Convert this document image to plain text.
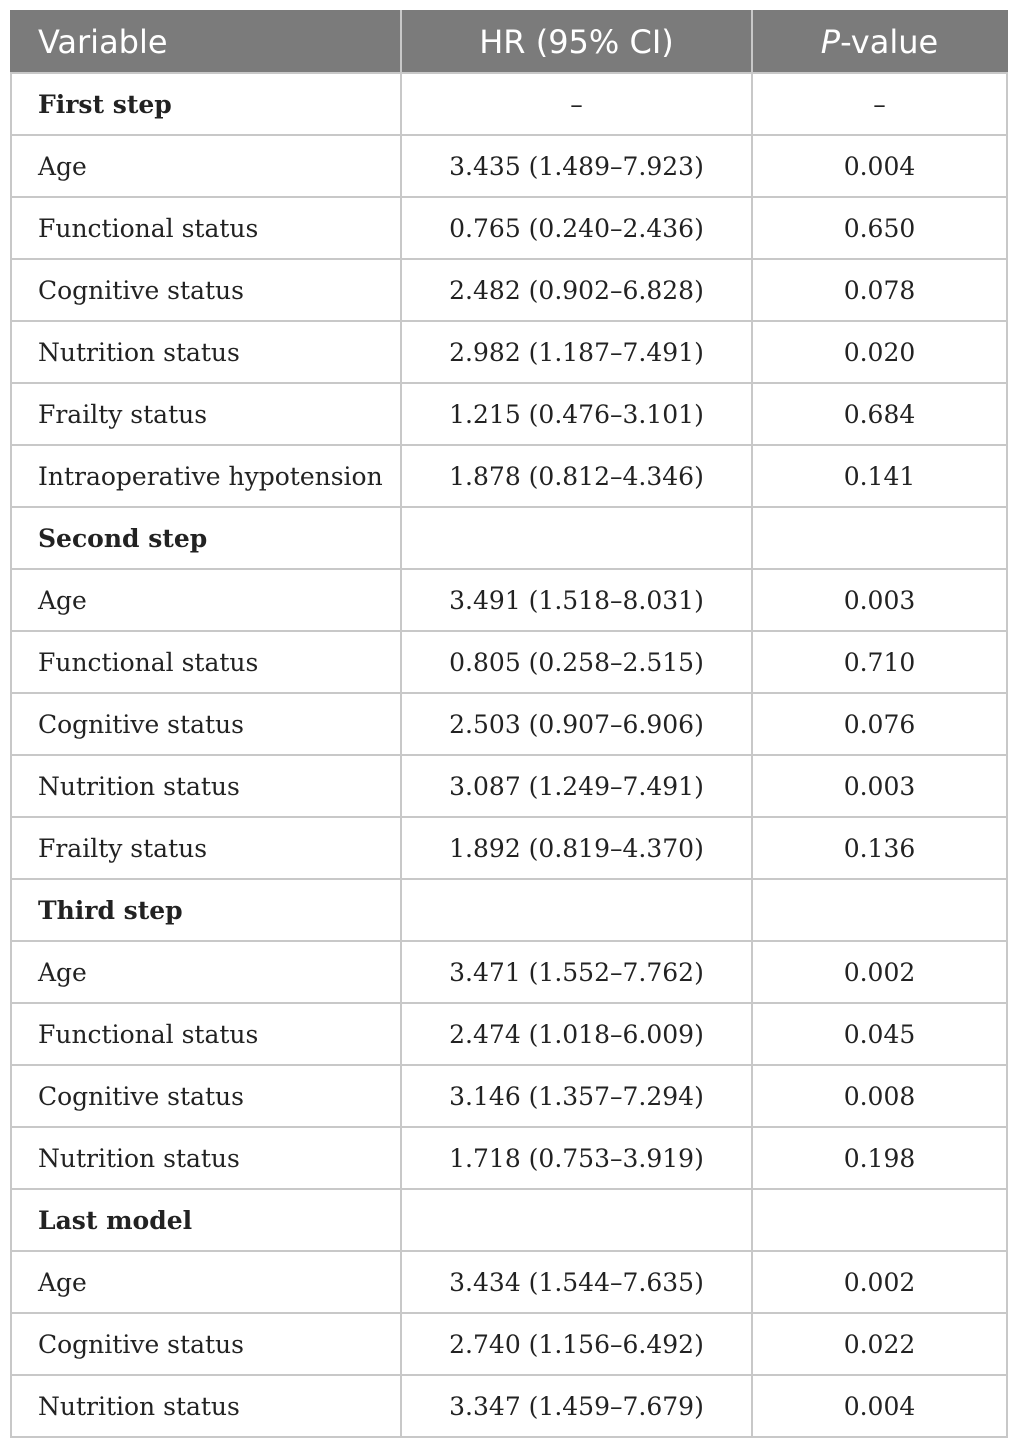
Variable	HR (95% CI)	P-value
First step	–	–
Age	3.435 (1.489–7.923)	0.004
Functional status	0.765 (0.240–2.436)	0.650
Cognitive status	2.482 (0.902–6.828)	0.078
Nutrition status	2.982 (1.187–7.491)	0.020
Frailty status	1.215 (0.476–3.101)	0.684
Intraoperative hypotension	1.878 (0.812–4.346)	0.141
Second step		
Age	3.491 (1.518–8.031)	0.003
Functional status	0.805 (0.258–2.515)	0.710
Cognitive status	2.503 (0.907–6.906)	0.076
Nutrition status	3.087 (1.249–7.491)	0.003
Frailty status	1.892 (0.819–4.370)	0.136
Third step		
Age	3.471 (1.552–7.762)	0.002
Functional status	2.474 (1.018–6.009)	0.045
Cognitive status	3.146 (1.357–7.294)	0.008
Nutrition status	1.718 (0.753–3.919)	0.198
Last model		
Age	3.434 (1.544–7.635)	0.002
Cognitive status	2.740 (1.156–6.492)	0.022
Nutrition status	3.347 (1.459–7.679)	0.004
